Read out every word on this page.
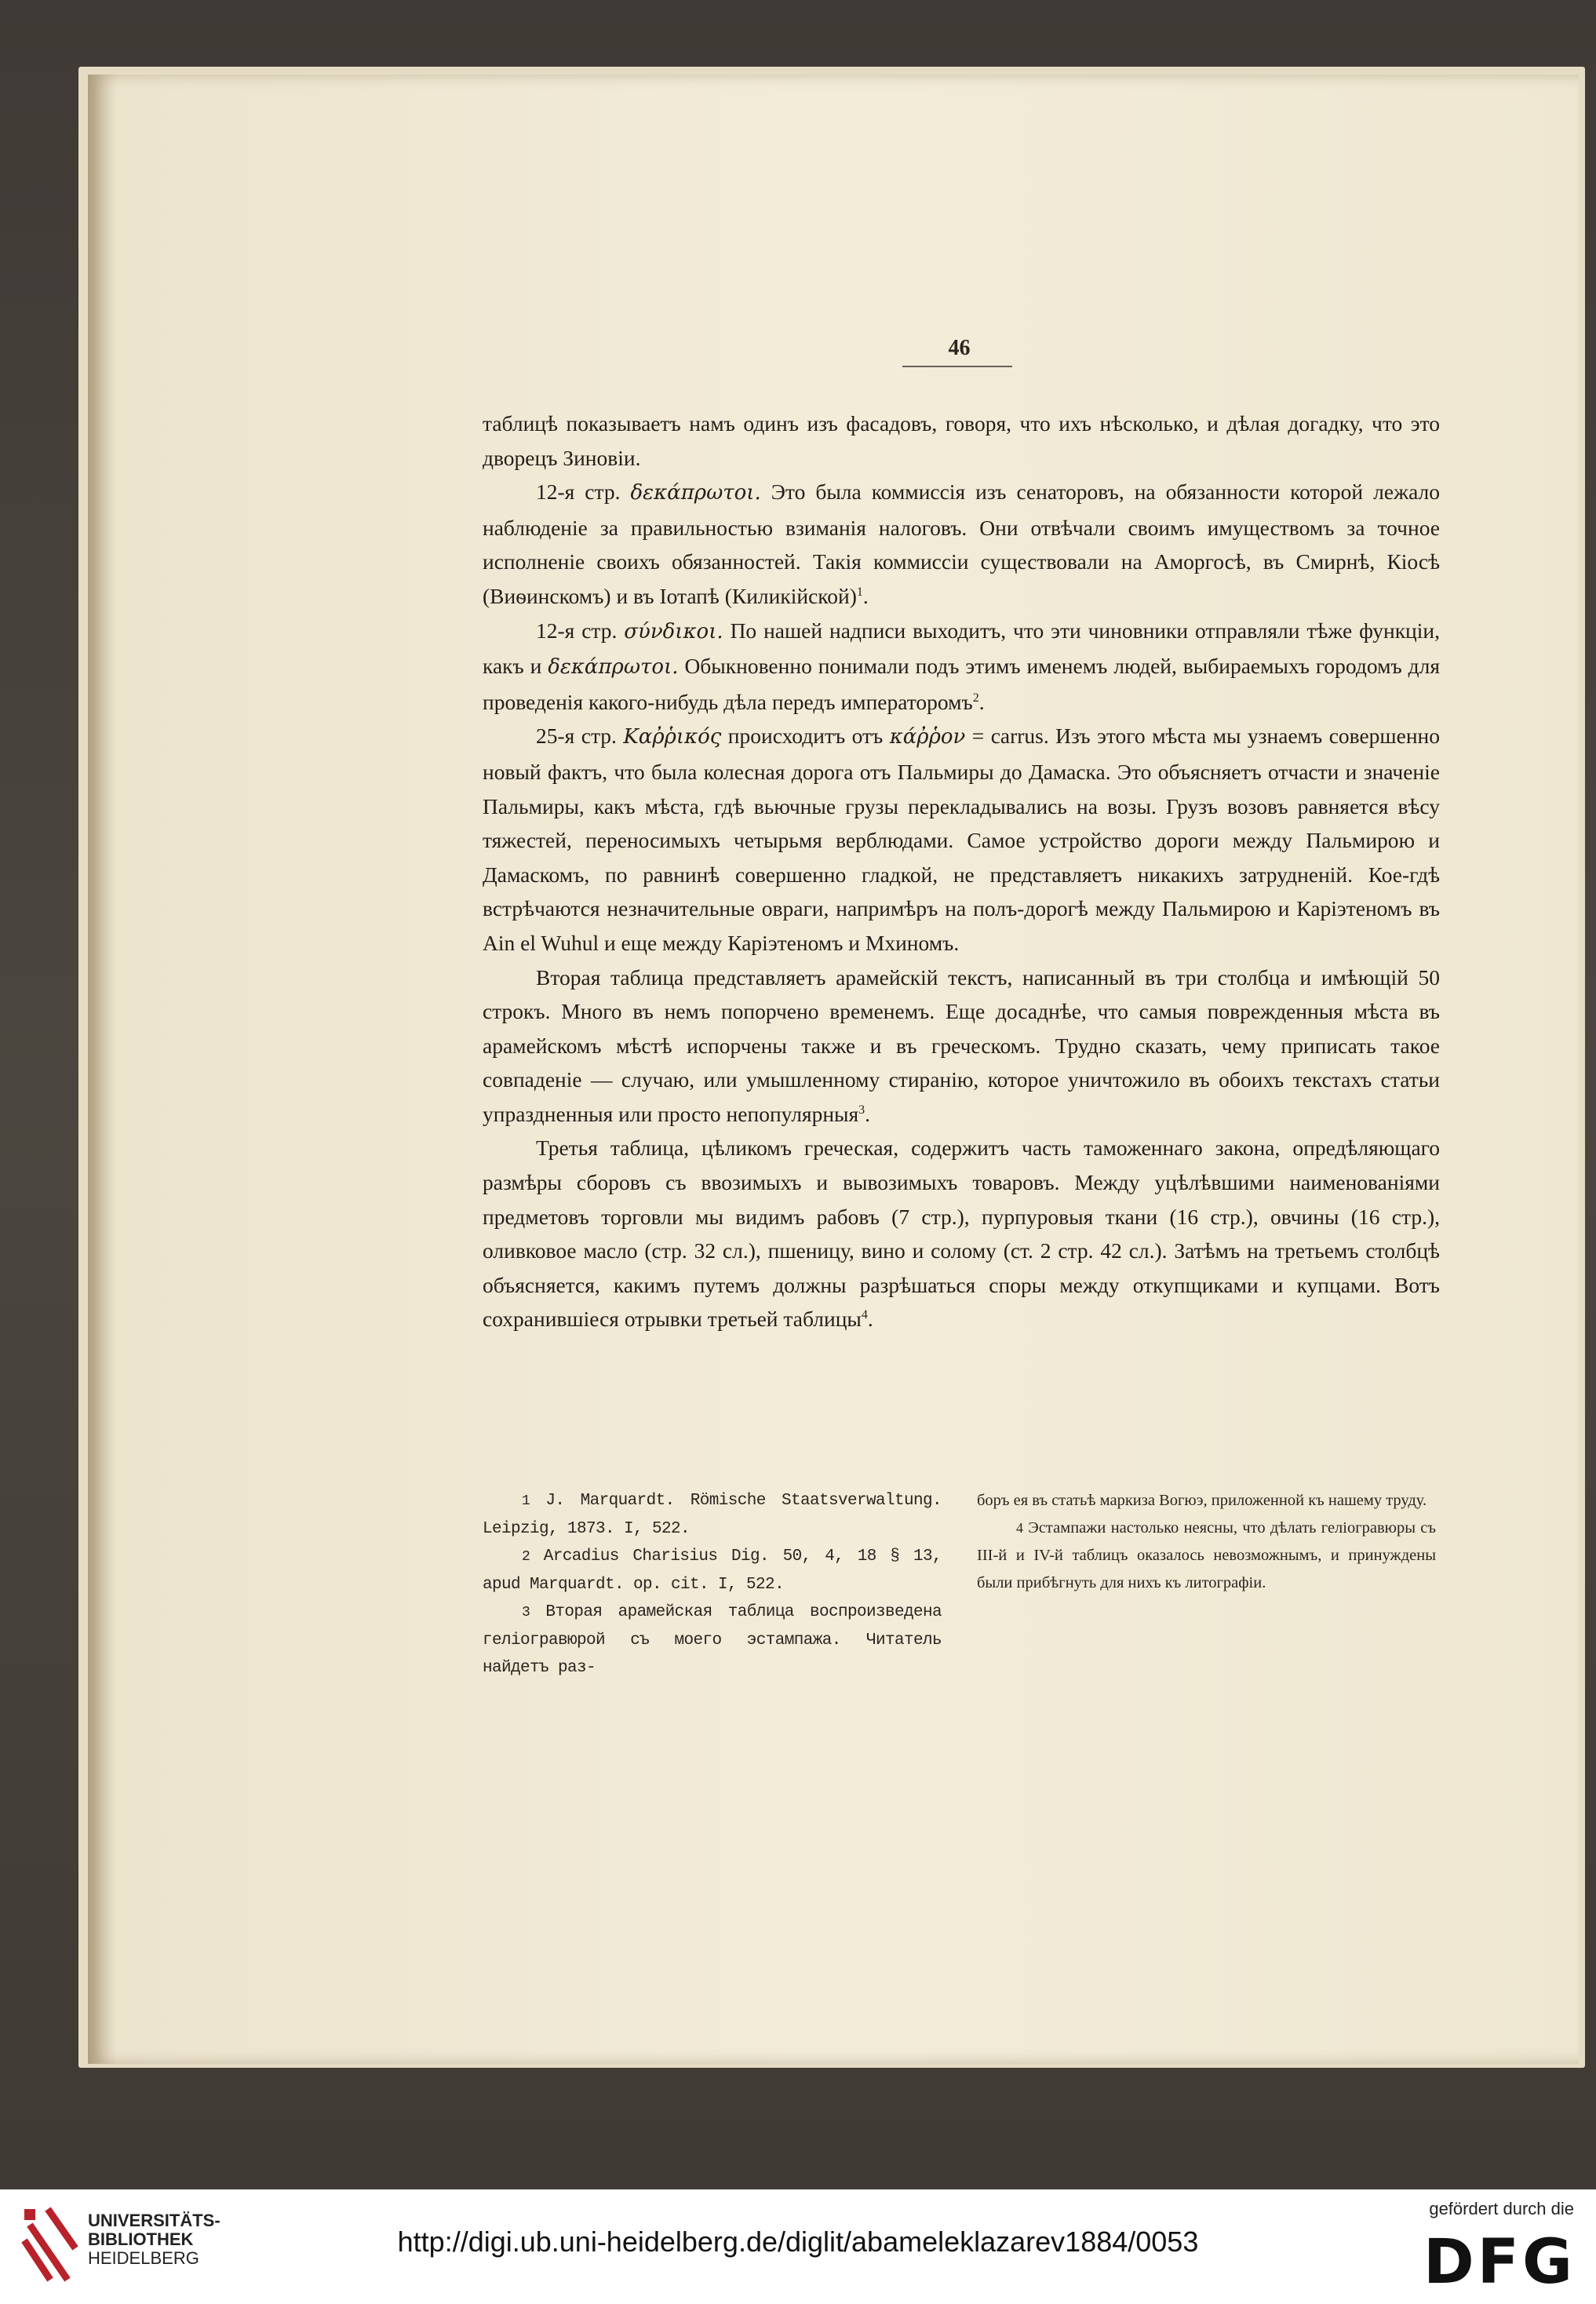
46

таблицѣ показываетъ намъ одинъ изъ фасадовъ, говоря, что ихъ нѣсколько, и дѣлая догадку, что это дворецъ Зиновіи.

12-я стр. δεκάπρωτοι. Это была коммиссія изъ сенаторовъ, на обязанности которой лежало наблюденіе за правильностью взиманія налоговъ. Они отвѣчали своимъ имуществомъ за точное исполненіе своихъ обязанностей. Такія коммиссіи существовали на Аморгосѣ, въ Смирнѣ, Кіосѣ (Виѳинскомъ) и въ Іотапѣ (Киликійской)$^1$.

12-я стр. σύνδικοι. По нашей надписи выходитъ, что эти чиновники отправляли тѣже функціи, какъ и δεκάπρωτοι. Обыкновенно понимали подъ этимъ именемъ людей, выбираемыхъ городомъ для проведенія какого-нибудь дѣла передъ императоромъ$^2$.

25-я стр. Καῤῥικός происходитъ отъ κάῤῥον = carrus. Изъ этого мѣста мы узнаемъ совершенно новый фактъ, что была колесная дорога отъ Пальмиры до Дамаска. Это объясняетъ отчасти и значеніе Пальмиры, какъ мѣста, гдѣ вьючные грузы перекладывались на возы. Грузъ возовъ равняется вѣсу тяжестей, переносимыхъ четырьмя верблюдами. Самое устройство дороги между Пальмирою и Дамаскомъ, по равнинѣ совершенно гладкой, не представляетъ никакихъ затрудненій. Кое-гдѣ встрѣчаются незначительные овраги, напримѣръ на полъ-дорогѣ между Пальмирою и Каріэтеномъ въ Ain el Wuhul и еще между Каріэтеномъ и Мхиномъ.

Вторая таблица представляетъ арамейскій текстъ, написанный въ три столбца и имѣющій 50 строкъ. Много въ немъ попорчено временемъ. Еще досаднѣе, что самыя поврежденныя мѣста въ арамейскомъ мѣстѣ испорчены также и въ греческомъ. Трудно сказать, чему приписать такое совпаденіе — случаю, или умышленному стиранію, которое уничтожило въ обоихъ текстахъ статьи упраздненныя или просто непопулярныя$^3$.

Третья таблица, цѣликомъ греческая, содержитъ часть таможеннаго закона, опредѣляющаго размѣры сборовъ съ ввозимыхъ и вывозимыхъ товаровъ. Между уцѣлѣвшими наименованіями предметовъ торговли мы видимъ рабовъ (7 стр.), пурпуровыя ткани (16 стр.), овчины (16 стр.), оливковое масло (стр. 32 сл.), пшеницу, вино и солому (ст. 2 стр. 42 сл.). Затѣмъ на третьемъ столбцѣ объясняется, какимъ путемъ должны разрѣшаться споры между откупщиками и купцами. Вотъ сохранившіеся отрывки третьей таблицы$^4$.

1 J. Marquardt. Römische Staatsverwaltung. Leipzig, 1873. I, 522.

2 Arcadius Charisius Dig. 50, 4, 18 § 13, apud Marquardt. op. cit. I, 522.

3 Вторая арамейская таблица воспроизведена геліогравюрой съ моего эстампажа. Читатель найдетъ раз-

боръ ея въ статьѣ маркиза Вогюэ, приложенной къ нашему труду.

4 Эстампажи настолько неясны, что дѣлать геліогравюры съ III-й и IV-й таблицъ оказалось невозможнымъ, и принуждены были прибѣгнуть для нихъ къ литографіи.

UNIVERSITÄTS-
BIBLIOTHEK
HEIDELBERG
http://digi.ub.uni-heidelberg.de/diglit/abameleklazarev1884/0053
gefördert durch die
DFG
